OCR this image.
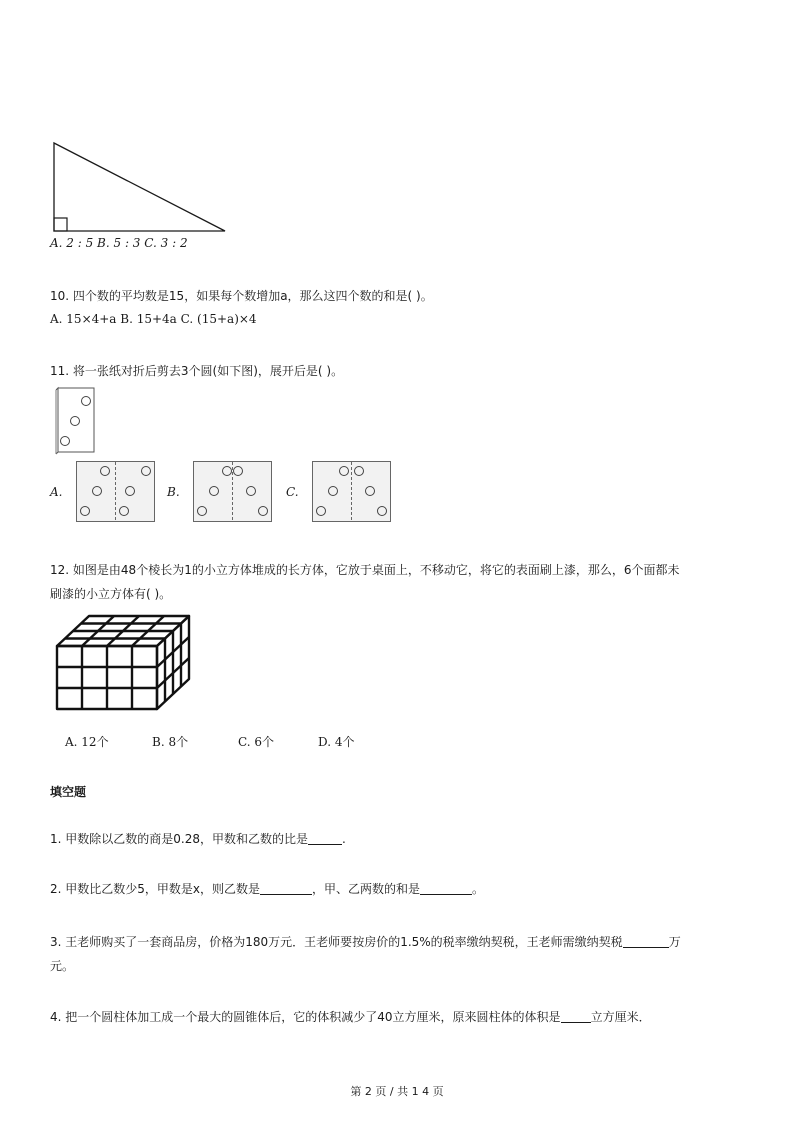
A. 2 : 5 B. 5 : 3 C. 3 : 2
10. 四个数的平均数是15，如果每个数增加a，那么这四个数的和是( )。
A. 15×4+a B. 15+4a C. (15+a)×4
11. 将一张纸对折后剪去3个圆(如下图)，展开后是( )。
A.	B.	C.
12. 如图是由48个棱长为1的小立方体堆成的长方体，它放于桌面上，不移动它，将它的表面刷上漆，那么，6个面都未
刷漆的小立方体有( )。
A. 12个	B. 8个	C. 6个	D. 4个
填空题
1. 甲数除以乙数的商是0.28，甲数和乙数的比是	.
2. 甲数比乙数少5，甲数是x，则乙数是	，甲、乙两数的和是	。
3. 王老师购买了一套商品房，价格为180万元．王老师要按房价的1.5%的税率缴纳契税，王老师需缴纳契税	万
元。
4. 把一个圆柱体加工成一个最大的圆锥体后，它的体积减少了40立方厘米，原来圆柱体的体积是	立方厘米．
第 2 页 / 共 1 4 页
